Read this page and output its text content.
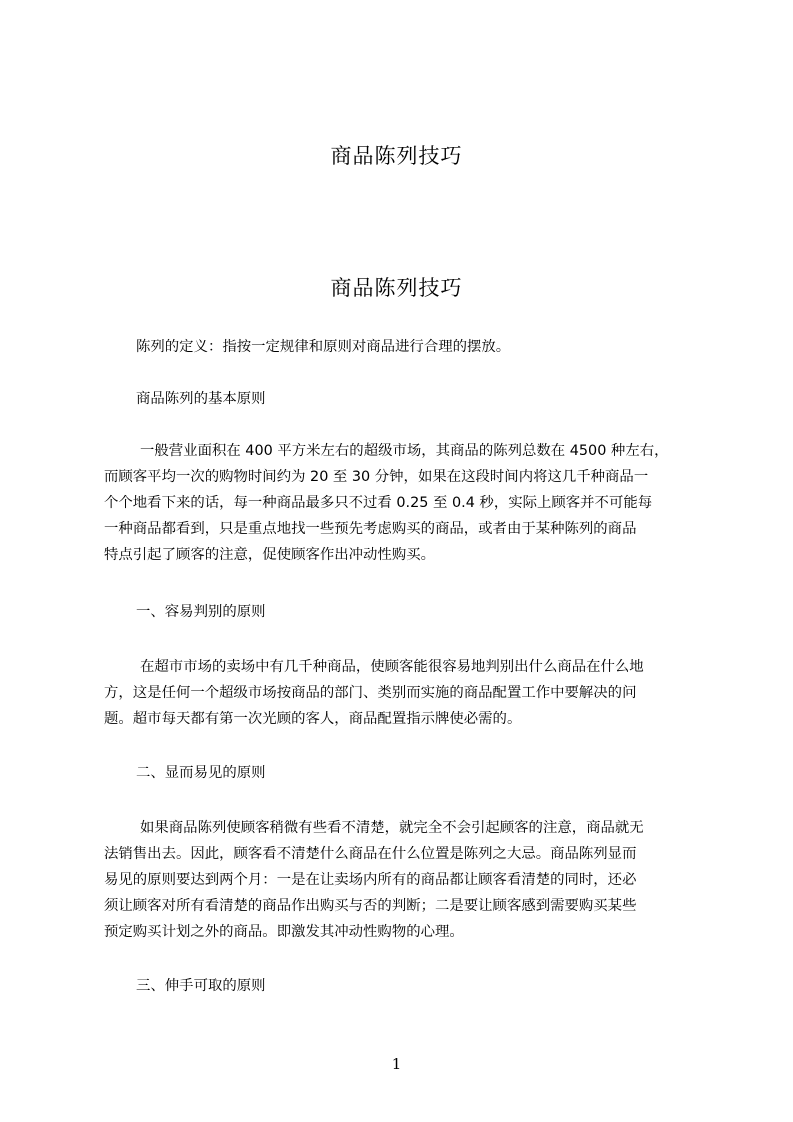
商品陈列技巧
商品陈列技巧
陈列的定义：指按一定规律和原则对商品进行合理的摆放。
商品陈列的基本原则
一般营业面积在 400 平方米左右的超级市场，其商品的陈列总数在 4500 种左右，
而顾客平均一次的购物时间约为 20 至 30 分钟，如果在这段时间内将这几千种商品一
个个地看下来的话，每一种商品最多只不过看 0.25 至 0.4 秒，实际上顾客并不可能每
一种商品都看到，只是重点地找一些预先考虑购买的商品，或者由于某种陈列的商品
特点引起了顾客的注意，促使顾客作出冲动性购买。
一、容易判别的原则
在超市市场的卖场中有几千种商品，使顾客能很容易地判别出什么商品在什么地
方，这是任何一个超级市场按商品的部门、类别而实施的商品配置工作中要解决的问
题。超市每天都有第一次光顾的客人，商品配置指示牌使必需的。
二、显而易见的原则
如果商品陈列使顾客稍微有些看不清楚，就完全不会引起顾客的注意，商品就无
法销售出去。因此，顾客看不清楚什么商品在什么位置是陈列之大忌。商品陈列显而
易见的原则要达到两个月：一是在让卖场内所有的商品都让顾客看清楚的同时，还必
须让顾客对所有看清楚的商品作出购买与否的判断；二是要让顾客感到需要购买某些
预定购买计划之外的商品。即激发其冲动性购物的心理。
三、伸手可取的原则
1
